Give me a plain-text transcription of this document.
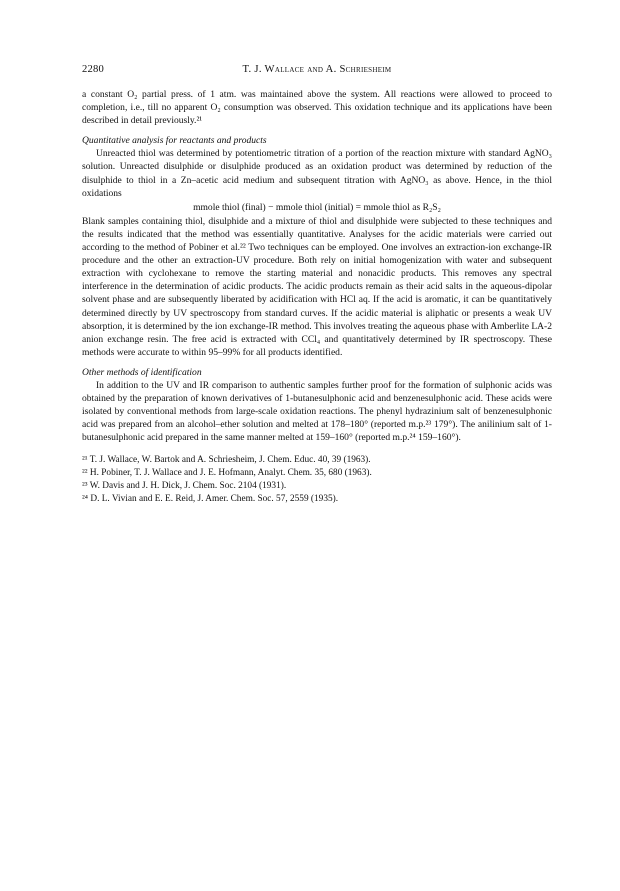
2280	T. J. Wallace and A. Schriesheim

a constant O₂ partial press. of 1 atm. was maintained above the system. All reactions were allowed to proceed to completion, i.e., till no apparent O₂ consumption was observed. This oxidation technique and its applications have been described in detail previously.²¹

Quantitative analysis for reactants and products

Unreacted thiol was determined by potentiometric titration of a portion of the reaction mixture with standard AgNO₃ solution. Unreacted disulphide or disulphide produced as an oxidation product was determined by reduction of the disulphide to thiol in a Zn–acetic acid medium and subsequent titration with AgNO₃ as above. Hence, in the thiol oxidations

mmole thiol (final) − mmole thiol (initial) = mmole thiol as R₂S₂

Blank samples containing thiol, disulphide and a mixture of thiol and disulphide were subjected to these techniques and the results indicated that the method was essentially quantitative. Analyses for the acidic materials were carried out according to the method of Pobiner et al.²² Two techniques can be employed. One involves an extraction-ion exchange-IR procedure and the other an extraction-UV procedure. Both rely on initial homogenization with water and subsequent extraction with cyclohexane to remove the starting material and nonacidic products. This removes any spectral interference in the determination of acidic products. The acidic products remain as their acid salts in the aqueous-dipolar solvent phase and are subsequently liberated by acidification with HCl aq. If the acid is aromatic, it can be quantitatively determined directly by UV spectroscopy from standard curves. If the acidic material is aliphatic or presents a weak UV absorption, it is determined by the ion exchange-IR method. This involves treating the aqueous phase with Amberlite LA-2 anion exchange resin. The free acid is extracted with CCl₄ and quantitatively determined by IR spectroscopy. These methods were accurate to within 95–99% for all products identified.

Other methods of identification

In addition to the UV and IR comparison to authentic samples further proof for the formation of sulphonic acids was obtained by the preparation of known derivatives of 1-butanesulphonic acid and benzenesulphonic acid. These acids were isolated by conventional methods from large-scale oxidation reactions. The phenyl hydrazinium salt of benzenesulphonic acid was prepared from an alcohol–ether solution and melted at 178–180° (reported m.p.²³ 179°). The anilinium salt of 1-butanesulphonic acid prepared in the same manner melted at 159–160° (reported m.p.²⁴ 159–160°).

²¹ T. J. Wallace, W. Bartok and A. Schriesheim, J. Chem. Educ. 40, 39 (1963).

²² H. Pobiner, T. J. Wallace and J. E. Hofmann, Analyt. Chem. 35, 680 (1963).

²³ W. Davis and J. H. Dick, J. Chem. Soc. 2104 (1931).

²⁴ D. L. Vivian and E. E. Reid, J. Amer. Chem. Soc. 57, 2559 (1935).
